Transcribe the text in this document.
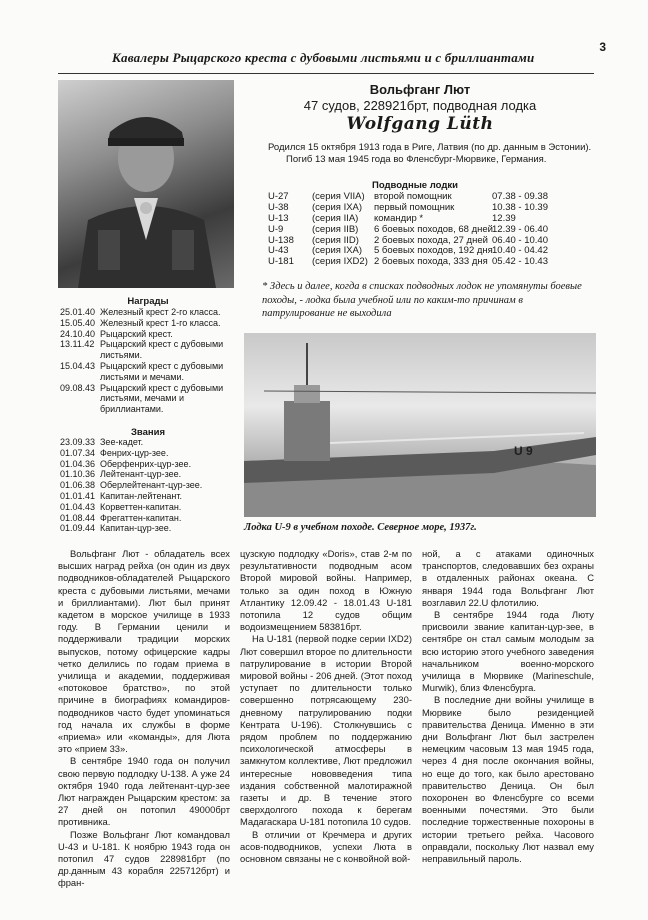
3
Кавалеры Рыцарского креста с дубовыми листьями и с бриллиантами
Вольфганг Лют
47 судов, 228921брт, подводная лодка
Wolfgang Lüth
Родился 15 октября 1913 года в Риге, Латвия (по др. данным в Эстонии).
Погиб 13 мая 1945 года во Фленсбург-Мюрвике, Германия.
Подводные лодки
U-27 (серия VIIA) второй помощник	07.38 - 09.38
U-38 (серия IXA) первый помощник	10.38 - 10.39
U-13 (серия IIA) командир *	12.39
U-9	(серия IIB) 6 боевых походов, 68 дней 12.39 - 06.40
U-138 (серия IID) 2 боевых похода, 27 дней 06.40 - 10.40
U-43 (серия IXA) 5 боевых походов, 192 дня 10.40 - 04.42
U-181 (серия IXD2) 2 боевых похода, 333 дня 05.42 - 10.43
* Здесь и далее, когда в списках подводных лодок не упомянуты боевые походы, - лодка была учебной или по каким-то причинам в патрулирование не выходила
Награды
25.01.40 Железный крест 2-го класса.
15.05.40 Железный крест 1-го класса.
24.10.40 Рыцарский крест.
13.11.42 Рыцарский крест с дубовыми листьями.
15.04.43 Рыцарский крест с дубовыми листьями и мечами.
09.08.43 Рыцарский крест с дубовыми листьями, мечами и бриллиантами.
Звания
23.09.33 Зее-кадет.
01.07.34 Фенрих-цур-зее.
01.04.36 Оберфенрих-цур-зее.
01.10.36 Лейтенант-цур-зее.
01.06.38 Оберлейтенант-цур-зее.
01.01.41 Капитан-лейтенант.
01.04.43 Корветтен-капитан.
01.08.44 Фрегаттен-капитан.
01.09.44 Капитан-цур-зее.
U 9
Лодка U-9 в учебном походе. Северное море, 1937г.

Вольфганг Лют - обладатель всех высших наград рейха (он один из двух подводников-обладателей Рыцарского креста с дубовыми листьями, мечами и бриллиантами). Лют был принят кадетом в морское училище в 1933 году. В Германии ценили и поддерживали традиции морских выпусков, потому офицерские кадры четко делились по годам приема в училища и академии, поддерживая «потоковое братство», по этой причине в биографиях командиров-подводников часто будет упоминаться год начала их службы в форме «приема» или «команды», для Люта это «прием 33».

В сентябре 1940 года он получил свою первую подлодку U-138. А уже 24 октября 1940 года лейтенант-цур-зее Лют награжден Рыцарским крестом: за 27 дней он потопил 49000брт противника.

Позже Вольфганг Лют командовал U-43 и U-181. К ноябрю 1943 года он потопил 47 судов 228981брт (по др.данным 43 корабля 225712брт) и фран-

цузскую подлодку «Doris», став 2-м по результативности подводным асом Второй мировой войны. Например, только за один поход в Южную Атлантику 12.09.42 - 18.01.43 U-181 потопила 12 судов общим водоизмещением 58381брт.

На U-181 (первой подке серии IXD2) Лют совершил второе по длительности патрулирование в истории Второй мировой войны - 206 дней. (Этот поход уступает по длительности только совершенно потрясающему 230-дневному патрулированию подки Кентрата U-196). Столкнувшись с рядом проблем по поддержанию психологической атмосферы в замкнутом коллективе, Лют предложил интересные нововведения типа издания собственной малотиражной газеты и др. В течение этого сверхдолгого похода к берегам Мадагаскара U-181 потопила 10 судов.

В отличии от Кречмера и других асов-подводников, успехи Люта в основном связаны не с конвойной вой-

ной, а с атаками одиночных транспортов, следовавших без охраны в отдаленных районах океана. С января 1944 года Вольфганг Лют возглавил 22.U флотилию.

В сентябре 1944 года Люту присвоили звание капитан-цур-зее, в сентябре он стал самым молодым за всю историю этого учебного заведения начальником военно-морского училища в Мюрвике (Marineschule, Murwik), близ Фленсбурга.

В последние дни войны училище в Мюрвике было резиденцией правительства Деница. Именно в эти дни Вольфганг Лют был застрелен немецким часовым 13 мая 1945 года, через 4 дня после окончания войны, но еще до того, как было арестовано правительство Деница. Он был похоронен во Фленсбурге со всеми военными почестями. Это были последние торжественные похороны в истории третьего рейха. Часового оправдали, поскольку Лют назвал ему неправильный пароль.
